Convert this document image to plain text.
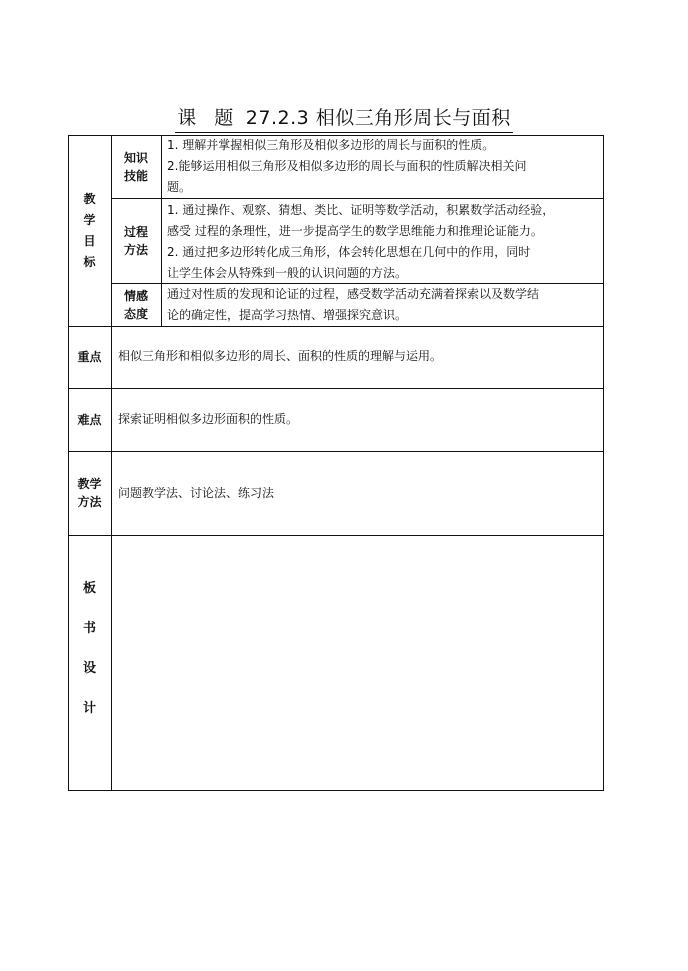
课 题 27.2.3 相似三角形周长与面积
教
学
目
标
知识
技能
1. 理解并掌握相似三角形及相似多边形的周长与面积的性质。
2.能够运用相似三角形及相似多边形的周长与面积的性质解决相关问
题。
过程
方法
1. 通过操作、观察、猜想、类比、证明等数学活动，积累数学活动经验，
感受 过程的条理性，进一步提高学生的数学思维能力和推理论证能力。
2. 通过把多边形转化成三角形，体会转化思想在几何中的作用，同时
让学生体会从特殊到一般的认识问题的方法。
情感
态度
通过对性质的发现和论证的过程，感受数学活动充满着探索以及数学结
论的确定性，提高学习热情、增强探究意识。
重点	相似三角形和相似多边形的周长、面积的性质的理解与运用。
难点	探索证明相似多边形面积的性质。
教学
方法
问题教学法、讨论法、练习法
板
书
设
计
